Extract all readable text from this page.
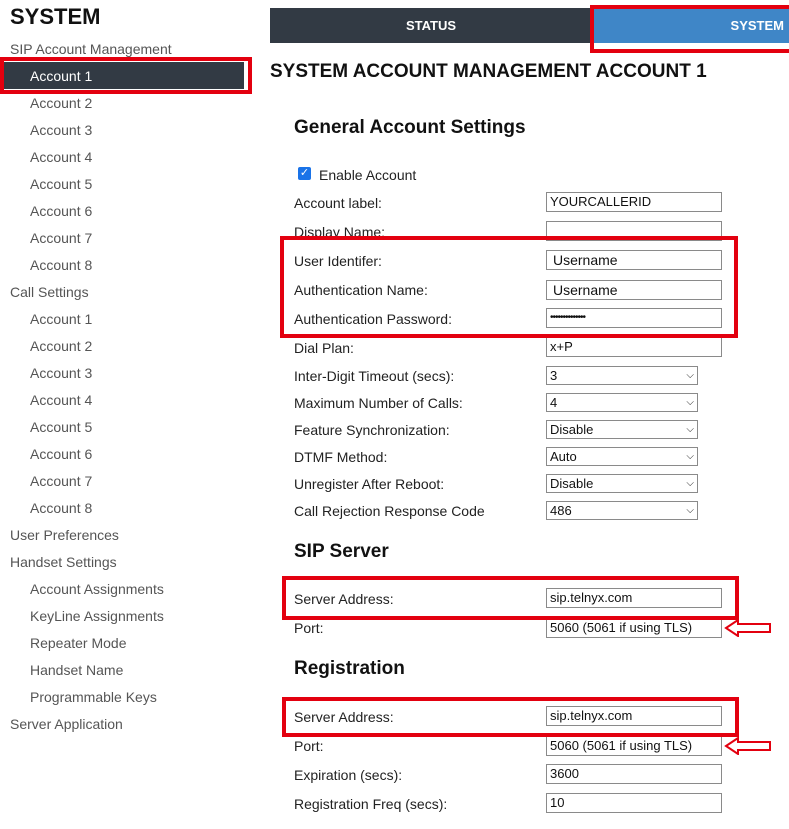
SYSTEM
SIP Account Management
Account 1
Account 2
Account 3
Account 4
Account 5
Account 6
Account 7
Account 8
Call Settings
Account 1
Account 2
Account 3
Account 4
Account 5
Account 6
Account 7
Account 8
User Preferences
Handset Settings
Account Assignments
KeyLine Assignments
Repeater Mode
Handset Name
Programmable Keys
Server Application
STATUS	SYSTEM
SYSTEM ACCOUNT MANAGEMENT ACCOUNT 1
General Account Settings
✓ Enable Account
Account label:	YOURCALLERID
Display Name:
User Identifer:	Username
Authentication Name:	Username
Authentication Password:	••••••••••••••
Dial Plan:	x+P
Inter-Digit Timeout (secs):	3	⌵
Maximum Number of Calls:	4	⌵
Feature Synchronization:	Disable	⌵
DTMF Method:	Auto	⌵
Unregister After Reboot:	Disable	⌵
Call Rejection Response Code	486	⌵
SIP Server
Server Address:	sip.telnyx.com
Port:	5060 (5061 if using TLS)
Registration
Server Address:	sip.telnyx.com
Port:	5060 (5061 if using TLS)
Expiration (secs):	3600
Registration Freq (secs):	10
